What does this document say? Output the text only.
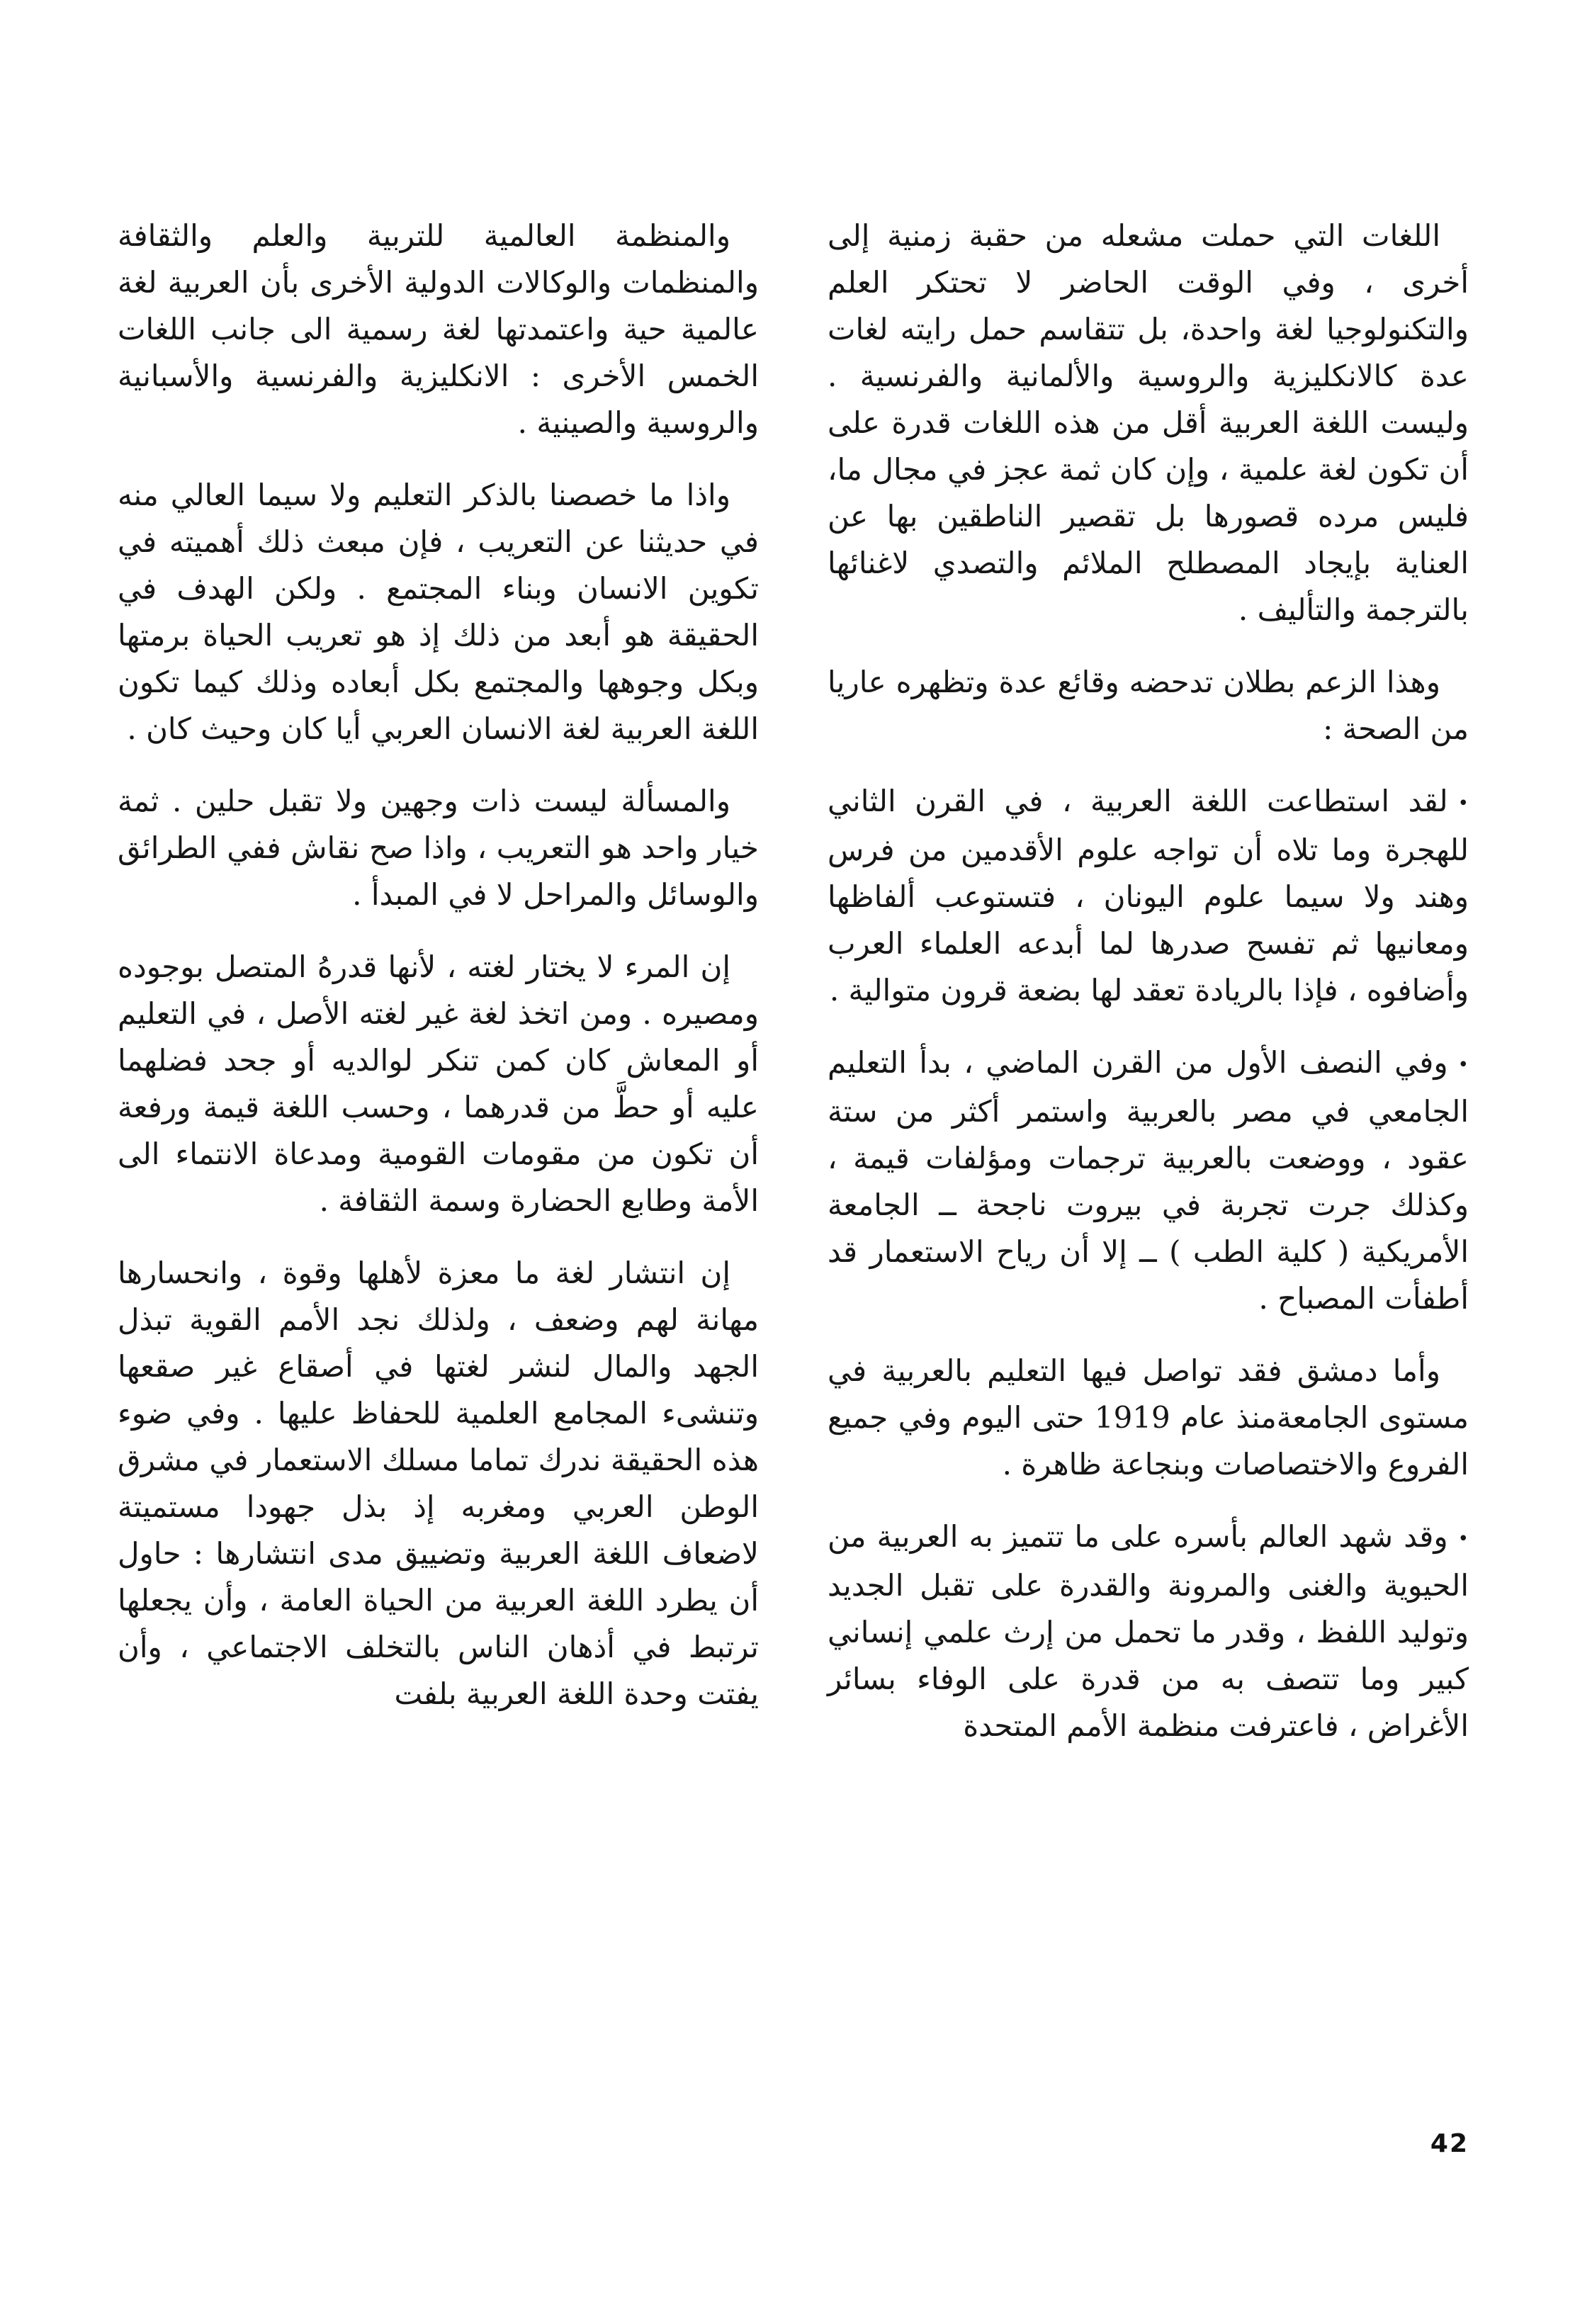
اللغات التي حملت مشعله من حقبة زمنية إلى أخرى ، وفي الوقت الحاضر لا تحتكر العلم والتكنولوجيا لغة واحدة، بل تتقاسم حمل رايته لغات عدة كالانكليزية والروسية والألمانية والفرنسية . وليست اللغة العربية أقل من هذه اللغات قدرة على أن تكون لغة علمية ، وإن كان ثمة عجز في مجال ما، فليس مرده قصورها بل تقصير الناطقين بها عن العناية بإيجاد المصطلح الملائم والتصدي لاغنائها بالترجمة والتأليف .

وهذا الزعم بطلان تدحضه وقائع عدة وتظهره عاريا من الصحة :

•لقد استطاعت اللغة العربية ، في القرن الثاني للهجرة وما تلاه أن تواجه علوم الأقدمين من فرس وهند ولا سيما علوم اليونان ، فتستوعب ألفاظها ومعانيها ثم تفسح صدرها لما أبدعه العلماء العرب وأضافوه ، فإذا بالريادة تعقد لها بضعة قرون متوالية .

•وفي النصف الأول من القرن الماضي ، بدأ التعليم الجامعي في مصر بالعربية واستمر أكثر من ستة عقود ، ووضعت بالعربية ترجمات ومؤلفات قيمة ، وكذلك جرت تجربة في بيروت ناجحة ــ الجامعة الأمريكية ( كلية الطب ) ــ إلا أن رياح الاستعمار قد أطفأت المصباح .

وأما دمشق فقد تواصل فيها التعليم بالعربية في مستوى الجامعةمنذ عام 1919 حتى اليوم وفي جميع الفروع والاختصاصات وبنجاعة ظاهرة .

•وقد شهد العالم بأسره على ما تتميز به العربية من الحيوية والغنى والمرونة والقدرة على تقبل الجديد وتوليد اللفظ ، وقدر ما تحمل من إرث علمي إنساني كبير وما تتصف به من قدرة على الوفاء بسائر الأغراض ، فاعترفت منظمة الأمم المتحدة

والمنظمة العالمية للتربية والعلم والثقافة والمنظمات والوكالات الدولية الأخرى بأن العربية لغة عالمية حية واعتمدتها لغة رسمية الى جانب اللغات الخمس الأخرى : الانكليزية والفرنسية والأسبانية والروسية والصينية .

واذا ما خصصنا بالذكر التعليم ولا سيما العالي منه في حديثنا عن التعريب ، فإن مبعث ذلك أهميته في تكوين الانسان وبناء المجتمع . ولكن الهدف في الحقيقة هو أبعد من ذلك إذ هو تعريب الحياة برمتها وبكل وجوهها والمجتمع بكل أبعاده وذلك كيما تكون اللغة العربية لغة الانسان العربي أيا كان وحيث كان .

والمسألة ليست ذات وجهين ولا تقبل حلين . ثمة خيار واحد هو التعريب ، واذا صح نقاش ففي الطرائق والوسائل والمراحل لا في المبدأ .

إن المرء لا يختار لغته ، لأنها قدرهُ المتصل بوجوده ومصيره . ومن اتخذ لغة غير لغته الأصل ، في التعليم أو المعاش كان كمن تنكر لوالديه أو جحد فضلهما عليه أو حطَّ من قدرهما ، وحسب اللغة قيمة ورفعة أن تكون من مقومات القومية ومدعاة الانتماء الى الأمة وطابع الحضارة وسمة الثقافة .

إن انتشار لغة ما معزة لأهلها وقوة ، وانحسارها مهانة لهم وضعف ، ولذلك نجد الأمم القوية تبذل الجهد والمال لنشر لغتها في أصقاع غير صقعها وتنشىء المجامع العلمية للحفاظ عليها . وفي ضوء هذه الحقيقة ندرك تماما مسلك الاستعمار في مشرق الوطن العربي ومغربه إذ بذل جهودا مستميتة لاضعاف اللغة العربية وتضييق مدى انتشارها : حاول أن يطرد اللغة العربية من الحياة العامة ، وأن يجعلها ترتبط في أذهان الناس بالتخلف الاجتماعي ، وأن يفتت وحدة اللغة العربية بلفت

42
